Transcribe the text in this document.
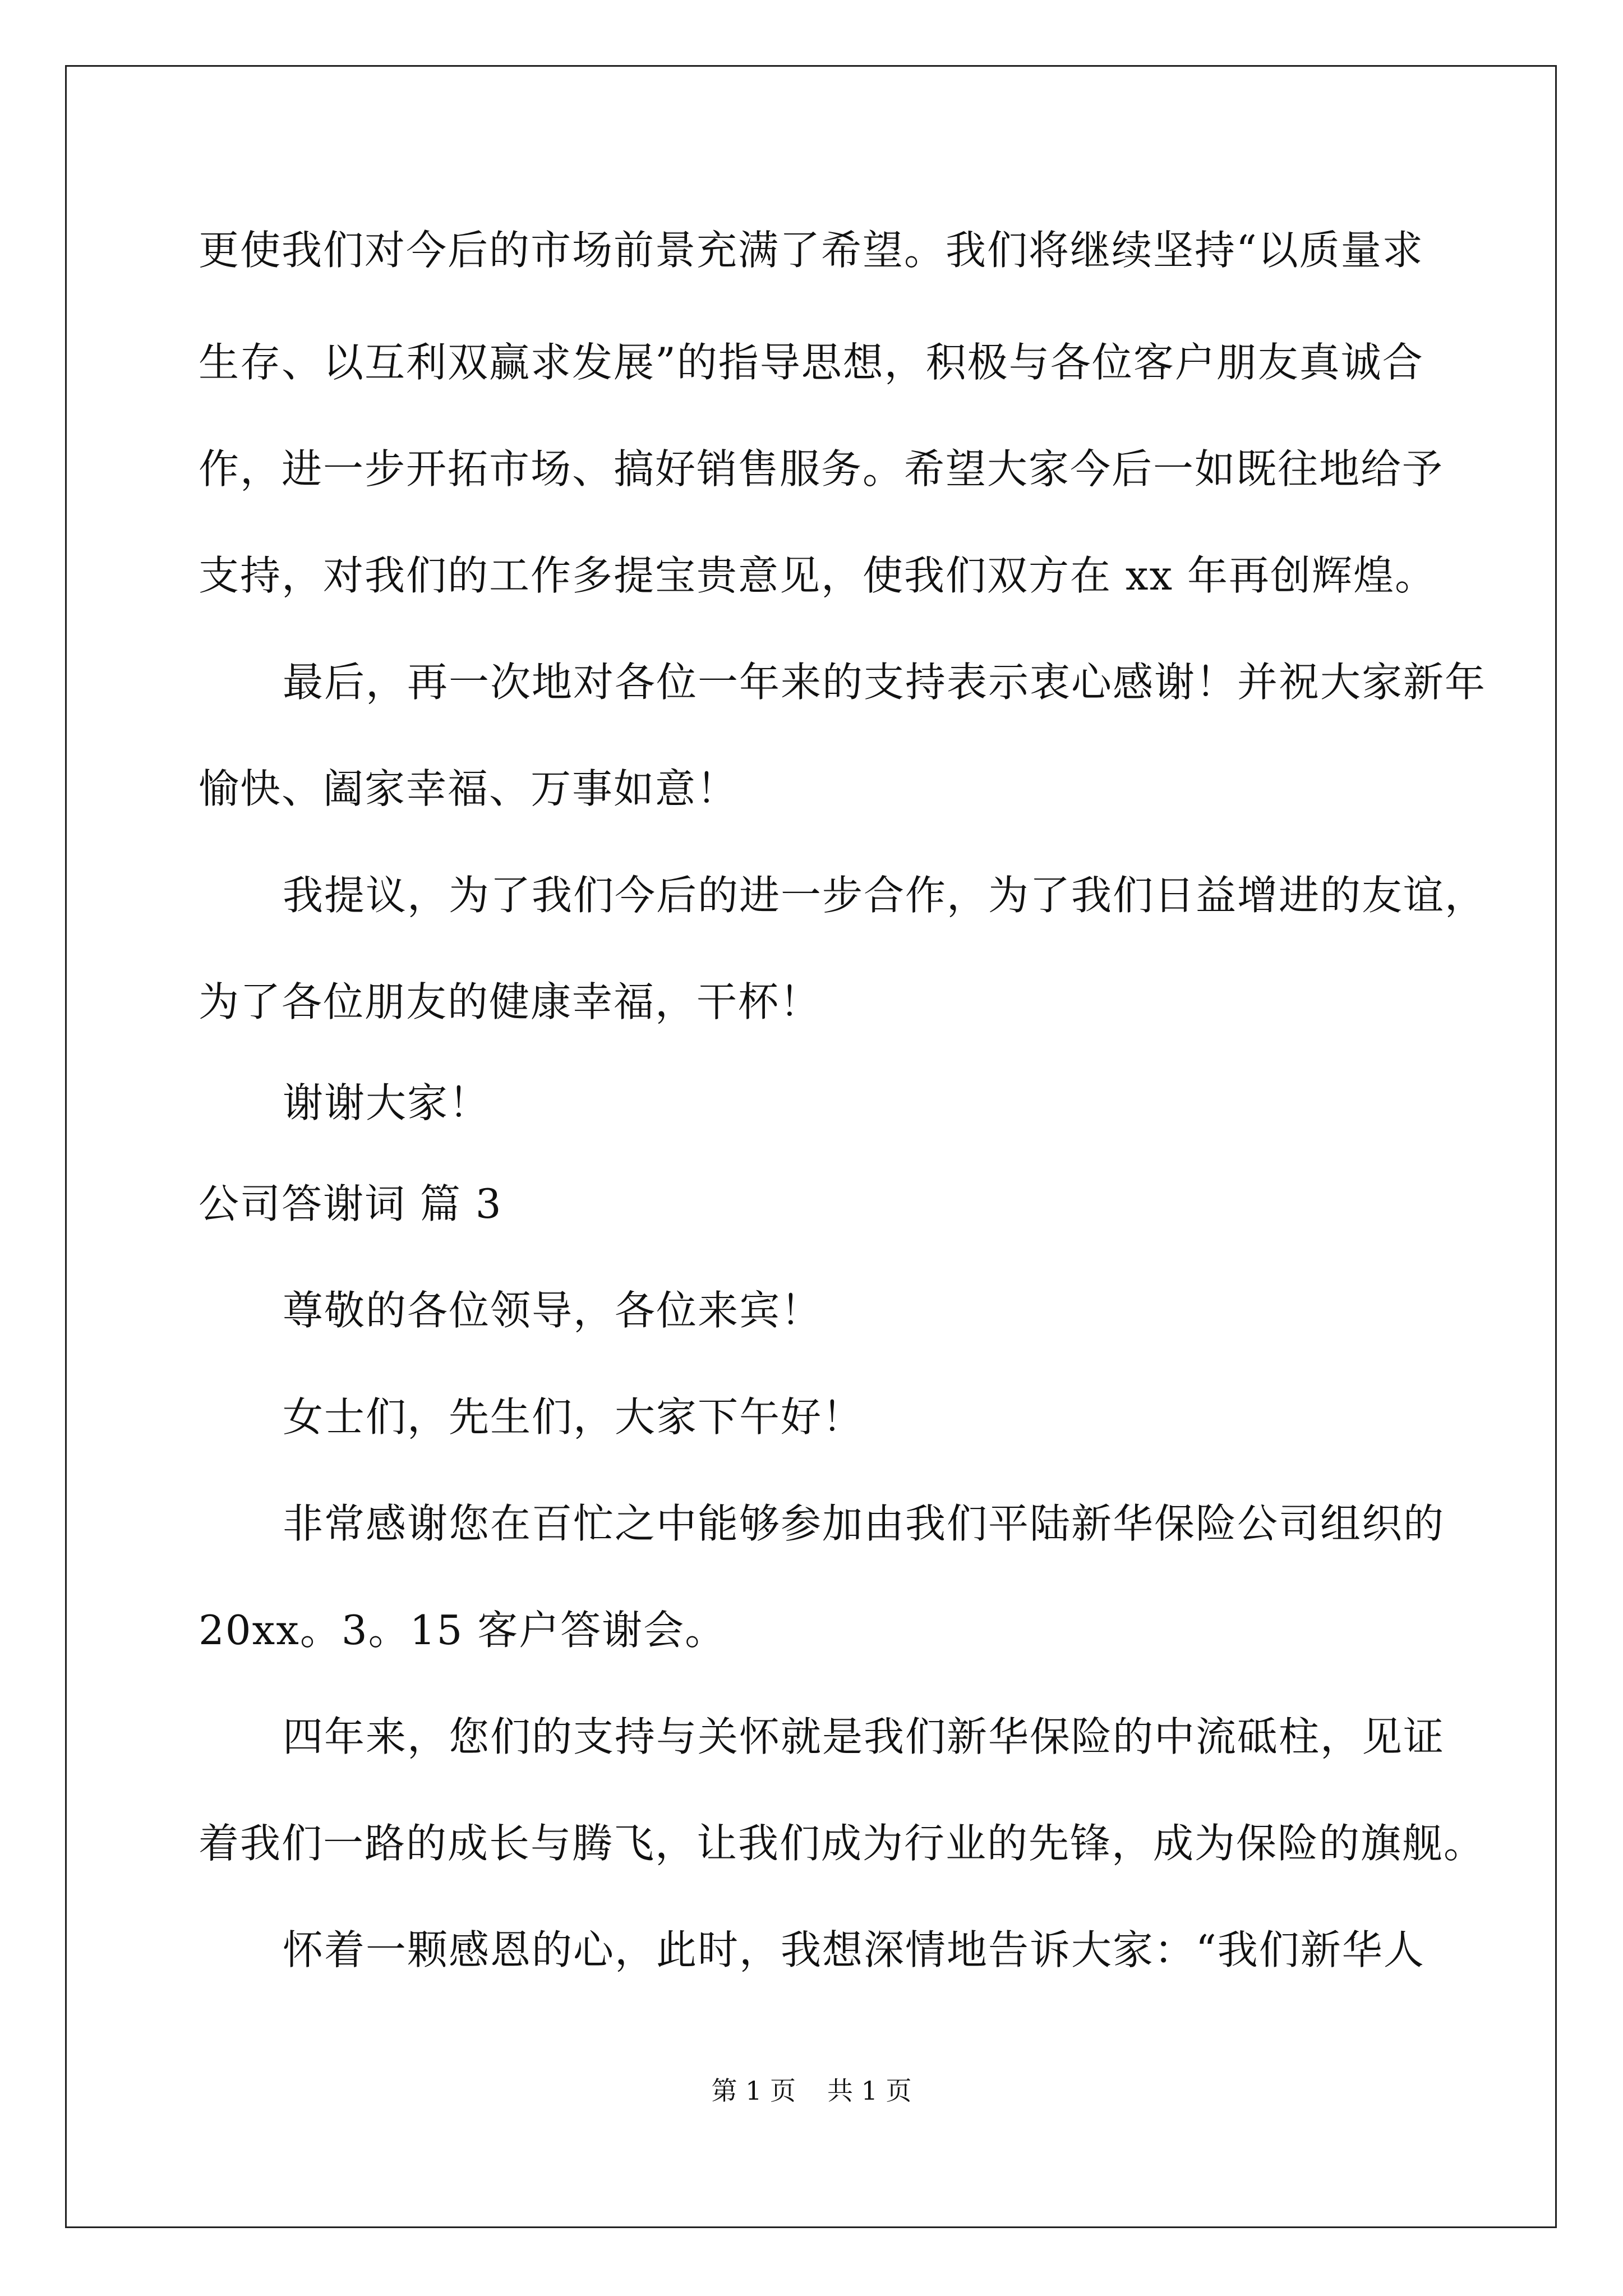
更使我们对今后的市场前景充满了希望。我们将继续坚持“以质量求
生存、以互利双赢求发展”的指导思想，积极与各位客户朋友真诚合
作，进一步开拓市场、搞好销售服务。希望大家今后一如既往地给予
支持，对我们的工作多提宝贵意见，使我们双方在 xx 年再创辉煌。
最后，再一次地对各位一年来的支持表示衷心感谢！并祝大家新年
愉快、阖家幸福、万事如意！
我提议，为了我们今后的进一步合作，为了我们日益增进的友谊，
为了各位朋友的健康幸福，干杯！
谢谢大家！
公司答谢词 篇 3
尊敬的各位领导，各位来宾！
女士们，先生们，大家下午好！
非常感谢您在百忙之中能够参加由我们平陆新华保险公司组织的
20xx。3。15 客户答谢会。
四年来，您们的支持与关怀就是我们新华保险的中流砥柱，见证
着我们一路的成长与腾飞，让我们成为行业的先锋，成为保险的旗舰。
怀着一颗感恩的心，此时，我想深情地告诉大家：“我们新华人
第 1 页 共 1 页
